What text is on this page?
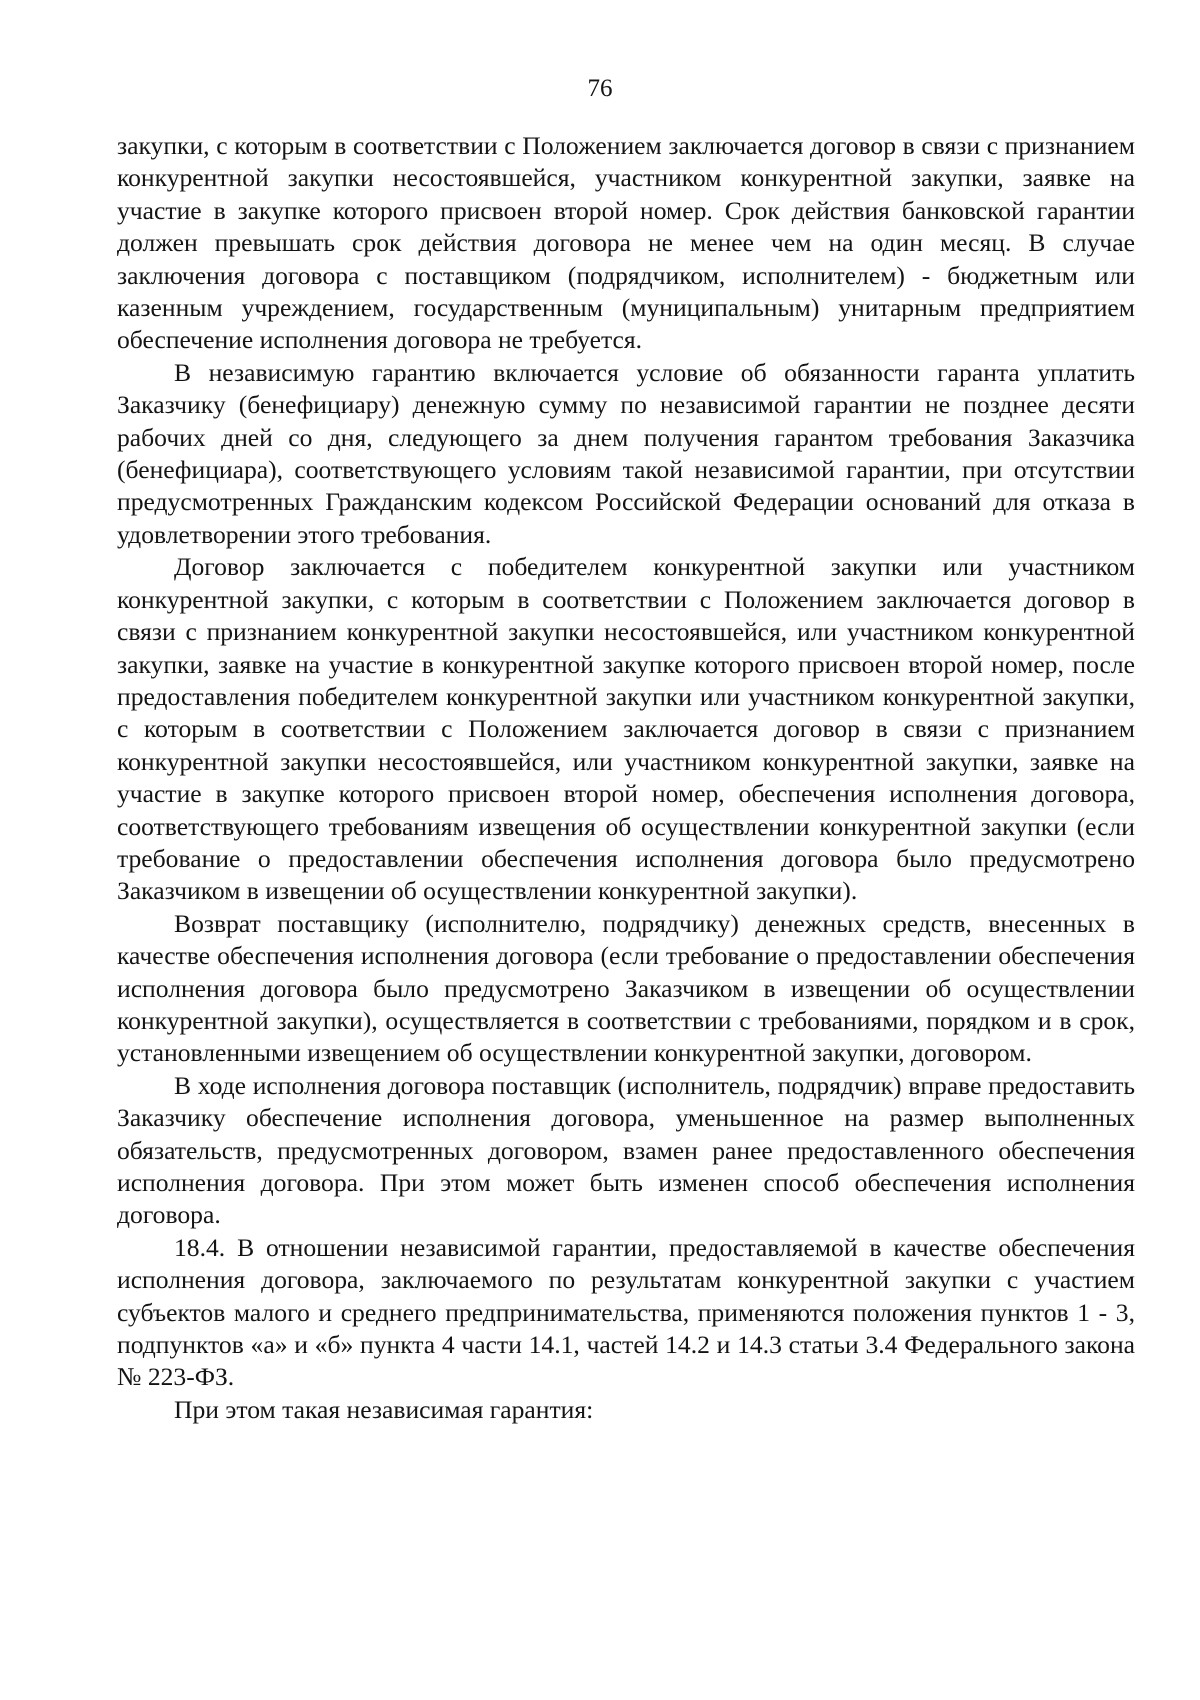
76

закупки, с которым в соответствии с Положением заключается договор в связи с признанием конкурентной закупки несостоявшейся, участником конкурентной закупки, заявке на участие в закупке которого присвоен второй номер. Срок действия банковской гарантии должен превышать срок действия договора не менее чем на один месяц. В случае заключения договора с поставщиком (подрядчиком, исполнителем) - бюджетным или казенным учреждением, государственным (муниципальным) унитарным предприятием обеспечение исполнения договора не требуется.

В независимую гарантию включается условие об обязанности гаранта уплатить Заказчику (бенефициару) денежную сумму по независимой гарантии не позднее десяти рабочих дней со дня, следующего за днем получения гарантом требования Заказчика (бенефициара), соответствующего условиям такой независимой гарантии, при отсутствии предусмотренных Гражданским кодексом Российской Федерации оснований для отказа в удовлетворении этого требования.

Договор заключается с победителем конкурентной закупки или участником конкурентной закупки, с которым в соответствии с Положением заключается договор в связи с признанием конкурентной закупки несостоявшейся, или участником конкурентной закупки, заявке на участие в конкурентной закупке которого присвоен второй номер, после предоставления победителем конкурентной закупки или участником конкурентной закупки, с которым в соответствии с Положением заключается договор в связи с признанием конкурентной закупки несостоявшейся, или участником конкурентной закупки, заявке на участие в закупке которого присвоен второй номер, обеспечения исполнения договора, соответствующего требованиям извещения об осуществлении конкурентной закупки (если требование о предоставлении обеспечения исполнения договора было предусмотрено Заказчиком в извещении об осуществлении конкурентной закупки).

Возврат поставщику (исполнителю, подрядчику) денежных средств, внесенных в качестве обеспечения исполнения договора (если требование о предоставлении обеспечения исполнения договора было предусмотрено Заказчиком в извещении об осуществлении конкурентной закупки), осуществляется в соответствии с требованиями, порядком и в срок, установленными извещением об осуществлении конкурентной закупки, договором.

В ходе исполнения договора поставщик (исполнитель, подрядчик) вправе предоставить Заказчику обеспечение исполнения договора, уменьшенное на размер выполненных обязательств, предусмотренных договором, взамен ранее предоставленного обеспечения исполнения договора. При этом может быть изменен способ обеспечения исполнения договора.

18.4. В отношении независимой гарантии, предоставляемой в качестве обеспечения исполнения договора, заключаемого по результатам конкурентной закупки с участием субъектов малого и среднего предпринимательства, применяются положения пунктов 1 - 3, подпунктов «а» и «б» пункта 4 части 14.1, частей 14.2 и 14.3 статьи 3.4 Федерального закона № 223-ФЗ.

При этом такая независимая гарантия:
